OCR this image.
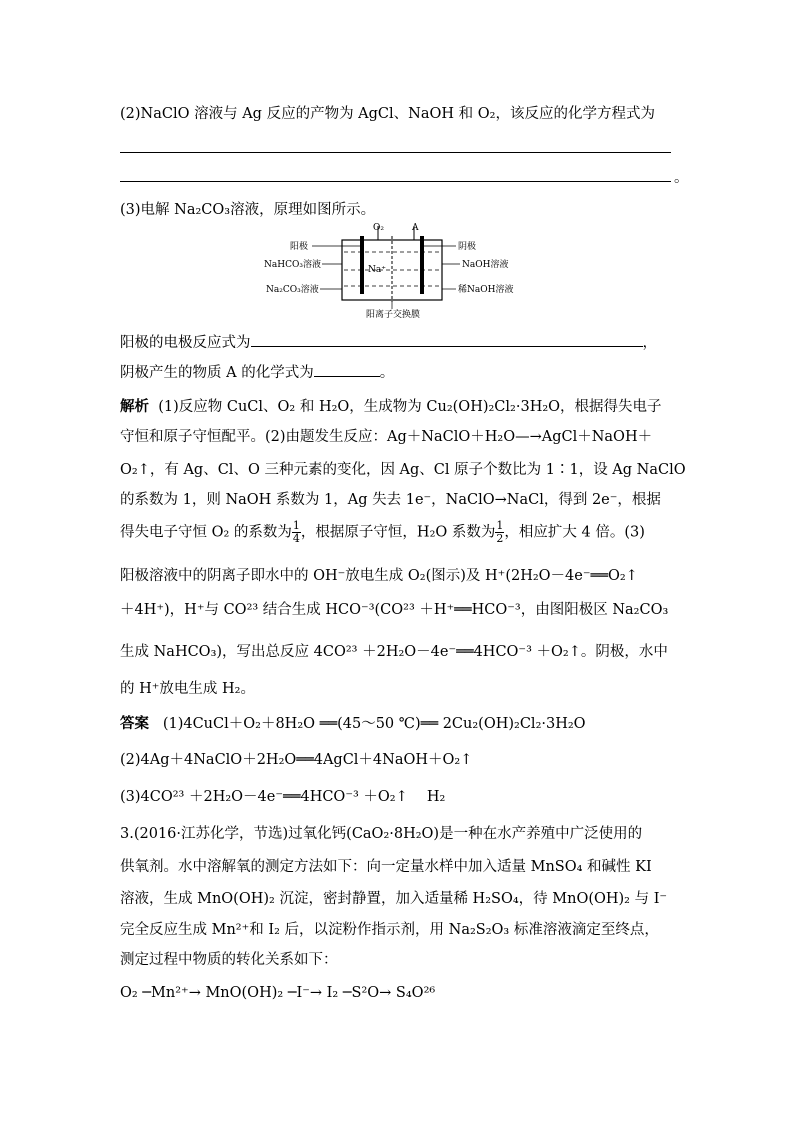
(2)NaClO 溶液与 Ag 反应的产物为 AgCl、NaOH 和 O₂，该反应的化学方程式为
。
(3)电解 Na₂CO₃溶液，原理如图所示。
O₂	A
阳极
NaHCO₃溶液
Na₂CO₃溶液
Na⁺
阴极
NaOH溶液
稀NaOH溶液
阳离子交换膜
阳极的电极反应式为	，
阴极产生的物质 A 的化学式为	。
解析 (1)反应物 CuCl、O₂ 和 H₂O，生成物为 Cu₂(OH)₂Cl₂·3H₂O，根据得失电子
守恒和原子守恒配平。(2)由题发生反应：Ag＋NaClO＋H₂O—→AgCl＋NaOH＋
O₂↑，有 Ag、Cl、O 三种元素的变化，因 Ag、Cl 原子个数比为 1∶1，设 Ag NaClO
的系数为 1，则 NaOH 系数为 1，Ag 失去 1e⁻，NaClO→NaCl，得到 2e⁻，根据
得失电子守恒 O₂ 的系数为 $\frac{1}{4}$ ，根据原子守恒，H₂O 系数为 $\frac{1}{2}$ ，相应扩大 4 倍。(3)
阳极溶液中的阴离子即水中的 OH⁻放电生成 O₂(图示)及 H⁺(2H₂O－4e⁻══O₂↑
＋4H⁺)，H⁺与 CO²³ 结合生成 HCO⁻³(CO²³ ＋H⁺══HCO⁻³，由图阳极区 Na₂CO₃
生成 NaHCO₃)，写出总反应 4CO²³ ＋2H₂O－4e⁻══4HCO⁻³ ＋O₂↑。阴极，水中
的 H⁺放电生成 H₂。
答案 (1)4CuCl＋O₂＋8H₂O ══(45～50 ℃)══ 2Cu₂(OH)₂Cl₂·3H₂O
(2)4Ag＋4NaClO＋2H₂O══4AgCl＋4NaOH＋O₂↑
(3)4CO²³ ＋2H₂O－4e⁻══4HCO⁻³ ＋O₂↑　 H₂
3.(2016·江苏化学，节选)过氧化钙(CaO₂·8H₂O)是一种在水产养殖中广泛使用的
供氧剂。水中溶解氧的测定方法如下：向一定量水样中加入适量 MnSO₄ 和碱性 KI
溶液，生成 MnO(OH)₂ 沉淀，密封静置，加入适量稀 H₂SO₄，待 MnO(OH)₂ 与 I⁻
完全反应生成 Mn²⁺和 I₂ 后，以淀粉作指示剂，用 Na₂S₂O₃ 标准溶液滴定至终点，
测定过程中物质的转化关系如下：
O₂ ─Mn²⁺→ MnO(OH)₂ ─I⁻→ I₂ ─S²O→ S₄O²⁶
